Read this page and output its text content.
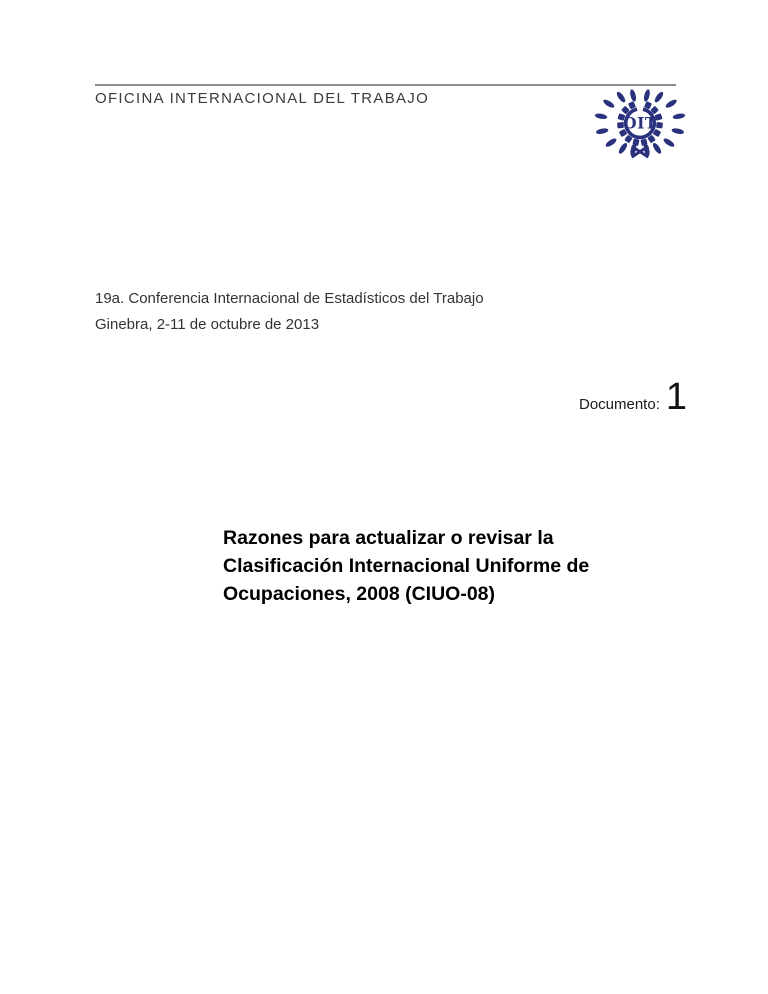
OFICINA INTERNACIONAL DEL TRABAJO
OIT
19a. Conferencia Internacional de Estadísticos del Trabajo
Ginebra, 2-11 de octubre de 2013
Documento: 1
Razones para actualizar o revisar la
Clasificación Internacional Uniforme de
Ocupaciones, 2008 (CIUO-08)
